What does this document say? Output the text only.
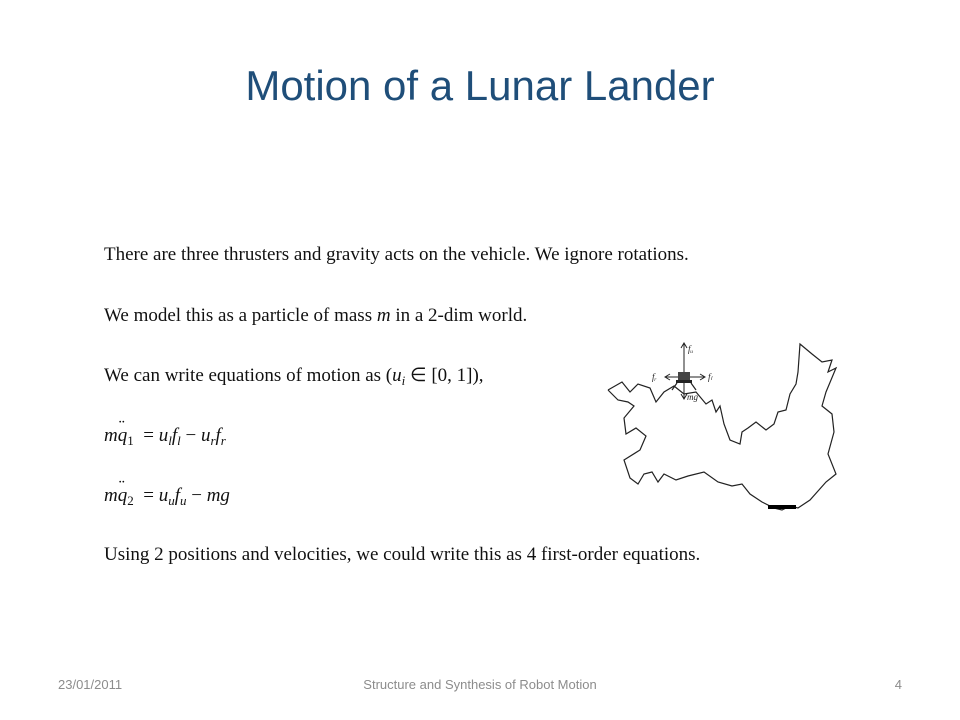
Motion of a Lunar Lander
There are three thrusters and gravity acts on the vehicle. We ignore rotations.
We model this as a particle of mass m in a 2-dim world.
We can write equations of motion as ($u_i$ ∈ [0, 1]),
m¨ $q_1 = u_lf_l - u_rf_r$
m¨ $q_2 = u_uf_u$ − mg
Using 2 positions and velocities, we could write this as 4 first-order equations.
fᵤ
fᵣ	fₗ
mg
23/01/2011	Structure and Synthesis of Robot Motion	4
